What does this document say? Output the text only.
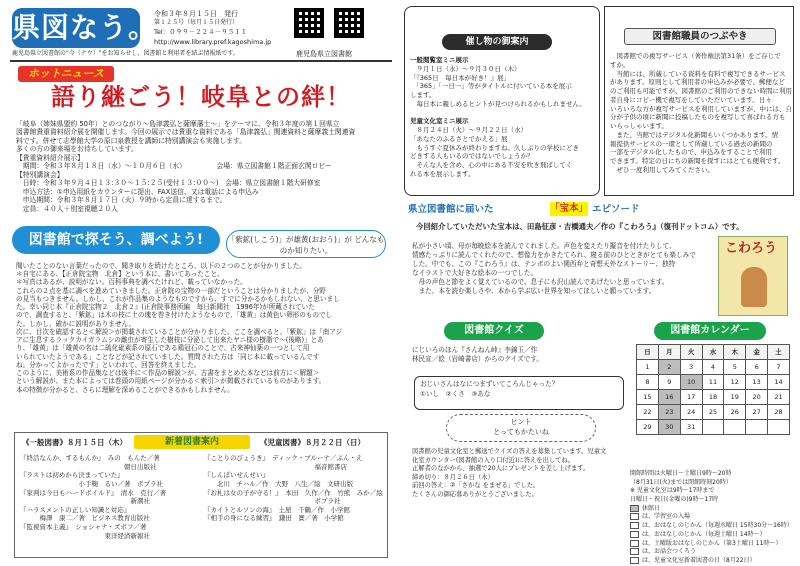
県図なう。
鹿児島県立図書館の"今（ナウ）"をお知らせし、図書館と利用者を結ぶ情報紙です。
令和３年８月１５日　発行
第１２５号（毎月１５日発行）
Tel：０９９－２２４－９５１１
http://www.library.pref.kagoshima.jp
鹿児島県立図書館
ホットニュース
語り継ごう！岐阜との絆！
「岐阜（姉妹県盟約 50年）とのつながり～島津義弘と薩摩藩士～」をテーマに、令和３年度の第１回県立
図書館貴重資料紹介展を開催します。今回の展示では貴重な資料である「島津義弘」関連資料と薩摩義士関連資
料です。併せて志學館大学の原口泉教授を講師に特別講演会も実施します。
多くの方の御来場をお待ちしています。
【貴重資料紹介展示】
　期間：令和３年８月１８日（水）～１０月６日（水）　　　　　会場：県立図書館１階正面玄関ロビー
【特別講演会】
　日時：令和３年９月４日１３:３０～１５:２５(受付１３:００～)　会場：県立図書館１階大研修室
　申込方法：①申込用紙をカウンターに提出、FAX送信、又は電話による申込み
　申込期間：令和３年８月１７日（火）９時から定員に達するまで。
　定員：４０人＋別室視聴２０人
図書館で探そう、調べよう!	「紫鉱(しこう)」が雄黄(おおう)」が どんなものか知りたい。
聞いたことのない言葉だったので、聞き取りを続けたところ、以下の２つのことが分かりました。
＊自宅にある、【正倉院宝物　北倉】という本に、書いてあったこと。
＊写真はあるが、説明がない。百科事典を調べたけれど、載っていなかった。
これらの２点を基に調べを進めていきました。正倉院の宝物の一部だということは分かりましたが、分野
の見当もつきません。しかし、これが作品集のようなものですから、すでに分かるかもしれない、と思いまし
た。幸い同じ本『正倉院宝物２　北倉２』(正倉院事務所編　毎日新聞社　1996年)が所蔵されていた
ので、調査すると、「紫鉱」は木の枝に土の塊を巻き付けたようなもので、「雄黄」は黄色い卵形のものでし
た。しかし、確かに説明がありません。
次に、目次を確認すると＜解説＞が掲載されていることが分かりました。ここを調べると、「紫鉱」は「南アジ
アに生息するラックカイガラムシの雌虫が寄生した樹枝に分泌して出来たヤニ様の樹脂で～(後略)」とあ
り、「雄黄」は「雄黄の名は二硫化砒素系の原石である鶏冠石のことで、古来神仙薬の一つとして用
いられていたようである」ことなどが記されていました。質問された方は「同じ本に載っているんです
ね。分かってよかったです」といわれて、回答を終えました。
このように、美術系の作品集などは後半に＜作品の解説＞が、古書をまとめた本などは前方に＜解題＞
という解説が、また本によっては巻頭の用紙ページが分かる＜索引＞が掲載されているものがあります。
本の特徴が分かると、さらに理解を深めることができるかもしれません。
《一般図書》８月１５日（木）	新着図書案内	《児童図書》８月２２日（日）
『終活なんか、するもんか』　みの　もんた／著
　　　　　　　　　　　　　　　　朝日出版社
『ラストは初めから決まっていた』
　　　　　　　　　小手鞠　るい／著　ポプラ社
『家判は今日もハードボイルド』　清水　克行／著
　　　　　　　　　　　　　　　　　新潮社
『ハラスメントの正しい知識と対応』
　　　梅澤　康二／著　ビジネス教育出版社
『監視資本主義』　ショシャナ・ズボフ／著
　　　　　　　　　　　　　東洋経済新報社
『ことりのびょうき』　ディック・ブルーナ／ぶん・え
　　　　　　　　　　　　　　　　　福音館書店
『しんぱいせんせい』
　　北川　チハル／作　大野　八生／絵　文研出版
『お札は女の子が守る！』　本田　久作／作　竹熊　みか／絵
　　　　　　　　　　　　　　　　　ポプラ社
『カイトとルソンの海』　土屋　千鶴／作　小学館
『相手の身になる練習』　鎌田　實／著　小学館
催し物の御案内
一般閲覧室ミニ展示
　９月１日（水）～９月３０日（木）
「『365日　毎日本が好き！』展」
　「365」「一日一」等がタイトルに付いている本を展示
します。
　毎日本に親しめるヒントが見つけられるかもしれません。

児童文化室ミニ展示
　８月２４日（火）～９月２２日（水）
「あなたのふるさとでかえる」展
　もうすぐ夏休みが終わりますね。久しぶりの学校にどき
どきする人もいるのではないでしょうか？
　そんな人を含め、心の中にある不安を吹き飛ばしてく
れる本を展示します。
図書館職員のつぶやき
　図書館での複写サービス（著作権法第31条）をご存じで
すか。
　当館には、所蔵している資料を有料で複写できるサービス
があります。原則として利用者の申込みが必要で、郵便など
のご利用も可能ですが、図書館のご利用のできない時間に利用
者自身にコピー機で複写をしていただいています。日々
いろいろな方が複写サービスを利用していますが、中には、自
分が子供の頃に新聞に投稿したものを複写して喜ばれる方も
いらっしゃいます。
　また、当館ではデジタル化新聞もいくつかあります。情
報提供サービスの一環として所蔵している過去の新聞の
一部をデジタル化したもので、申込みをすることで利用
できます。特定の日にちの新聞を探すにはとても便利です。
　ぜひ一度利用してみてください。
県立図書館に届いた	「宝本」 エピソード
今回紹介していただいた宝本は、田島征彦・吉橋通夫／作の『こわろう』（復刊ドットコム）です。
私が小さい頃、母が毎晩絵本を読んでくれました。声色を変えたり擬音を付けたりして、
情感たっぷりに読んでくれたので、想像力をかきたてられ、寝る前のひとときがとても楽しみで
した。中でも、この『こわろう』は、テンポのよい関西弁と奇想天外なストーリー、独特
なイラストで大好きな絵本の一つでした。
　母の声色と節をよく覚えているので、息子にも沢山読んであげたいと思っています。
　また、本を読む楽しさや、本から学ぶ広い世界を知ってほしいと願っています。
こわろう
図書館クイズ
にじいろのほん『さんねん峠』李錦玉／作
林民宣／絵（岩崎書店）からのクイズです。
おじいさんはなにつまずいてころんじゃった？
①いし　②くさ　③あな
ヒント
とってもかたいね
図書館の児童文化室と郵送でクイズの答えを募集しています。児童文
化室カウンター(図書館の入り口付近)に答えを出してね。
正解者のなかから、抽選で20人にプレゼントを差し上げます。
締め切り：８月２６日（木）
前回の答え：②「さかな をまぜる」でした。
たくさんの御応募ありがとうございました。
図書館カレンダー
日	月	火	水	木	金	土
1	2	3	4	5	6	7
8	9	10	11	12	13	14
15	16	17	18	19	20	21
22	23	24	25	26	27	28
29	30	31				
開館時間は火曜日～土曜日9時～20時
（8月31日(火)までは閉館時刻20時）
※ 児童文化室は9時～17時まで
日曜日・祝日(金曜の)9時～17時
休館日
は、学習室の入場
は、おはなしのじかん（毎週水曜日 15時30分～16時）
は、おはなしのじかん（毎週土曜日 14時～）
は、土曜版おはなしのじかん（第3土曜日 11時～）
は、お話会つくろう
は、児童文化室新着図書の日（8月22日）
